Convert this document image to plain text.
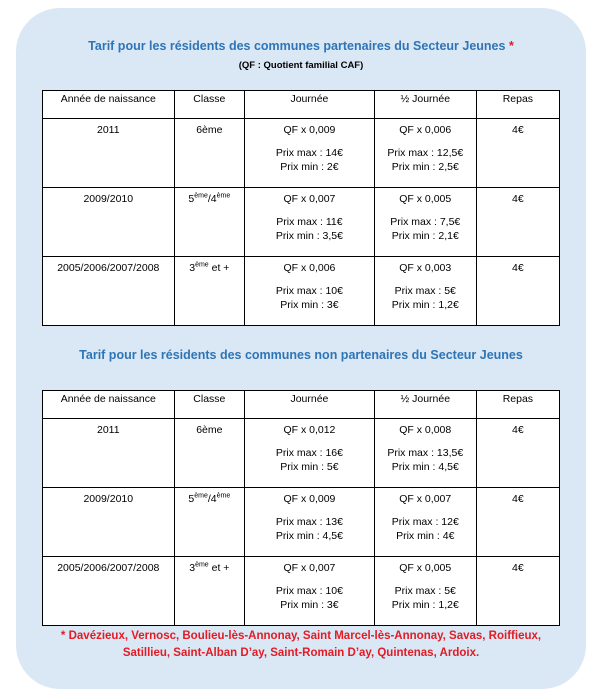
Tarif pour les résidents des communes partenaires du Secteur Jeunes *
(QF : Quotient familial CAF)
Année de naissance	Classe	Journée	½ Journée	Repas
2011	6ème	QF x 0,009
Prix max : 14€
Prix min : 2€	QF x 0,006
Prix max : 12,5€
Prix min : 2,5€	4€
2009/2010	5ème/4ème	QF x 0,007
Prix max : 11€
Prix min : 3,5€	QF x 0,005
Prix max : 7,5€
Prix min : 2,1€	4€
2005/2006/2007/2008	3ème et +	QF x 0,006
Prix max : 10€
Prix min : 3€	QF x 0,003
Prix max : 5€
Prix min : 1,2€	4€
Tarif pour les résidents des communes non partenaires du Secteur Jeunes
Année de naissance	Classe	Journée	½ Journée	Repas
2011	6ème	QF x 0,012
Prix max : 16€
Prix min : 5€	QF x 0,008
Prix max : 13,5€
Prix min : 4,5€	4€
2009/2010	5ème/4ème	QF x 0,009
Prix max : 13€
Prix min : 4,5€	QF x 0,007
Prix max : 12€
Prix min : 4€	4€
2005/2006/2007/2008	3ème et +	QF x 0,007
Prix max : 10€
Prix min : 3€	QF x 0,005
Prix max : 5€
Prix min : 1,2€	4€
* Davézieux, Vernosc, Boulieu-lès-Annonay, Saint Marcel-lès-Annonay, Savas, Roiffieux,
Satillieu, Saint-Alban D’ay, Saint-Romain D’ay, Quintenas, Ardoix.
